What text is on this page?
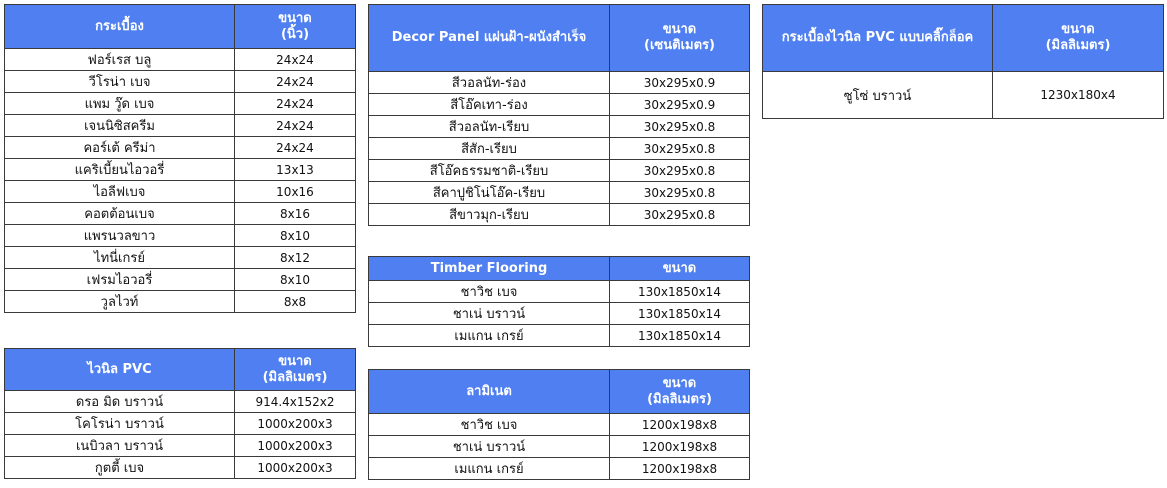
กระเบื้อง	ขนาด
(นิ้ว)

ฟอร์เรส บลู	24x24
วีโรน่า เบจ	24x24
แพม วู๊ด เบจ	24x24
เจนนิซิสครีม	24x24
คอร์เต้ ครีม่า	24x24
แคริเบี้ยนไอวอรี่	13x13
ไอลีฟเบจ	10x16
คอตต้อนเบจ	8x16
แพรนวลขาว	8x10
ไทนี่เกรย์	8x12
เฟรมไอวอรี่	8x10
วูลไวท์	8x8
ไวนิล PVC	ขนาด
(มิลลิเมตร)

ดรอ มิด บราวน์	914.4x152x2
โคโรน่า บราวน์	1000x200x3
เนบิวลา บราวน์	1000x200x3
กูตตี้ เบจ	1000x200x3
Decor Panel แผ่นฝ้า-ผนังสำเร็จ	ขนาด
(เซนติเมตร)

สีวอลนัท-ร่อง	30x295x0.9
สีโอ๊คเทา-ร่อง	30x295x0.9
สีวอลนัท-เรียบ	30x295x0.8
สีสัก-เรียบ	30x295x0.8
สีโอ๊คธรรมชาติ-เรียบ	30x295x0.8
สีคาปูชิโน่โอ๊ค-เรียบ	30x295x0.8
สีขาวมุก-เรียบ	30x295x0.8
Timber Flooring	ขนาด
ชาวิช เบจ	130x1850x14
ชาเน่ บราวน์	130x1850x14
เมแกน เกรย์	130x1850x14
ลามิเนต	ขนาด
(มิลลิเมตร)

ชาวิช เบจ	1200x198x8
ชาเน่ บราวน์	1200x198x8
เมแกน เกรย์	1200x198x8
กระเบื้องไวนิล PVC แบบคลิ๊กล็อค	ขนาด
(มิลลิเมตร)

ซูโซ่ บราวน์	1230x180x4
